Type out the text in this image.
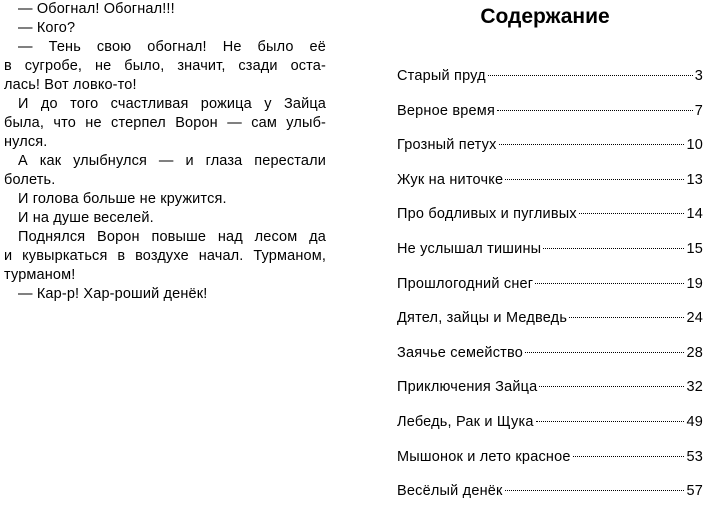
— Обогнал! Обогнал!!!
— Кого?
— Тень свою обогнал! Не было её
в сугробе, не было, значит, сзади оста-
лась! Вот ловко-то!
И до того счастливая рожица у Зайца
была, что не стерпел Ворон — сам улыб-
нулся.
А как улыбнулся — и глаза перестали
болеть.
И голова больше не кружится.
И на душе веселей.
Поднялся Ворон повыше над лесом да
и кувыркаться в воздухе начал. Турманом,
турманом!
— Кар-р! Хар-роший денёк!
Содержание
Старый пруд	3
Верное время	7
Грозный петух	10
Жук на ниточке	13
Про бодливых и пугливых	14
Не услышал тишины	15
Прошлогодний снег	19
Дятел, зайцы и Медведь	24
Заячье семейство	28
Приключения Зайца	32
Лебедь, Рак и Щука	49
Мышонок и лето красное	53
Весёлый денёк	57
